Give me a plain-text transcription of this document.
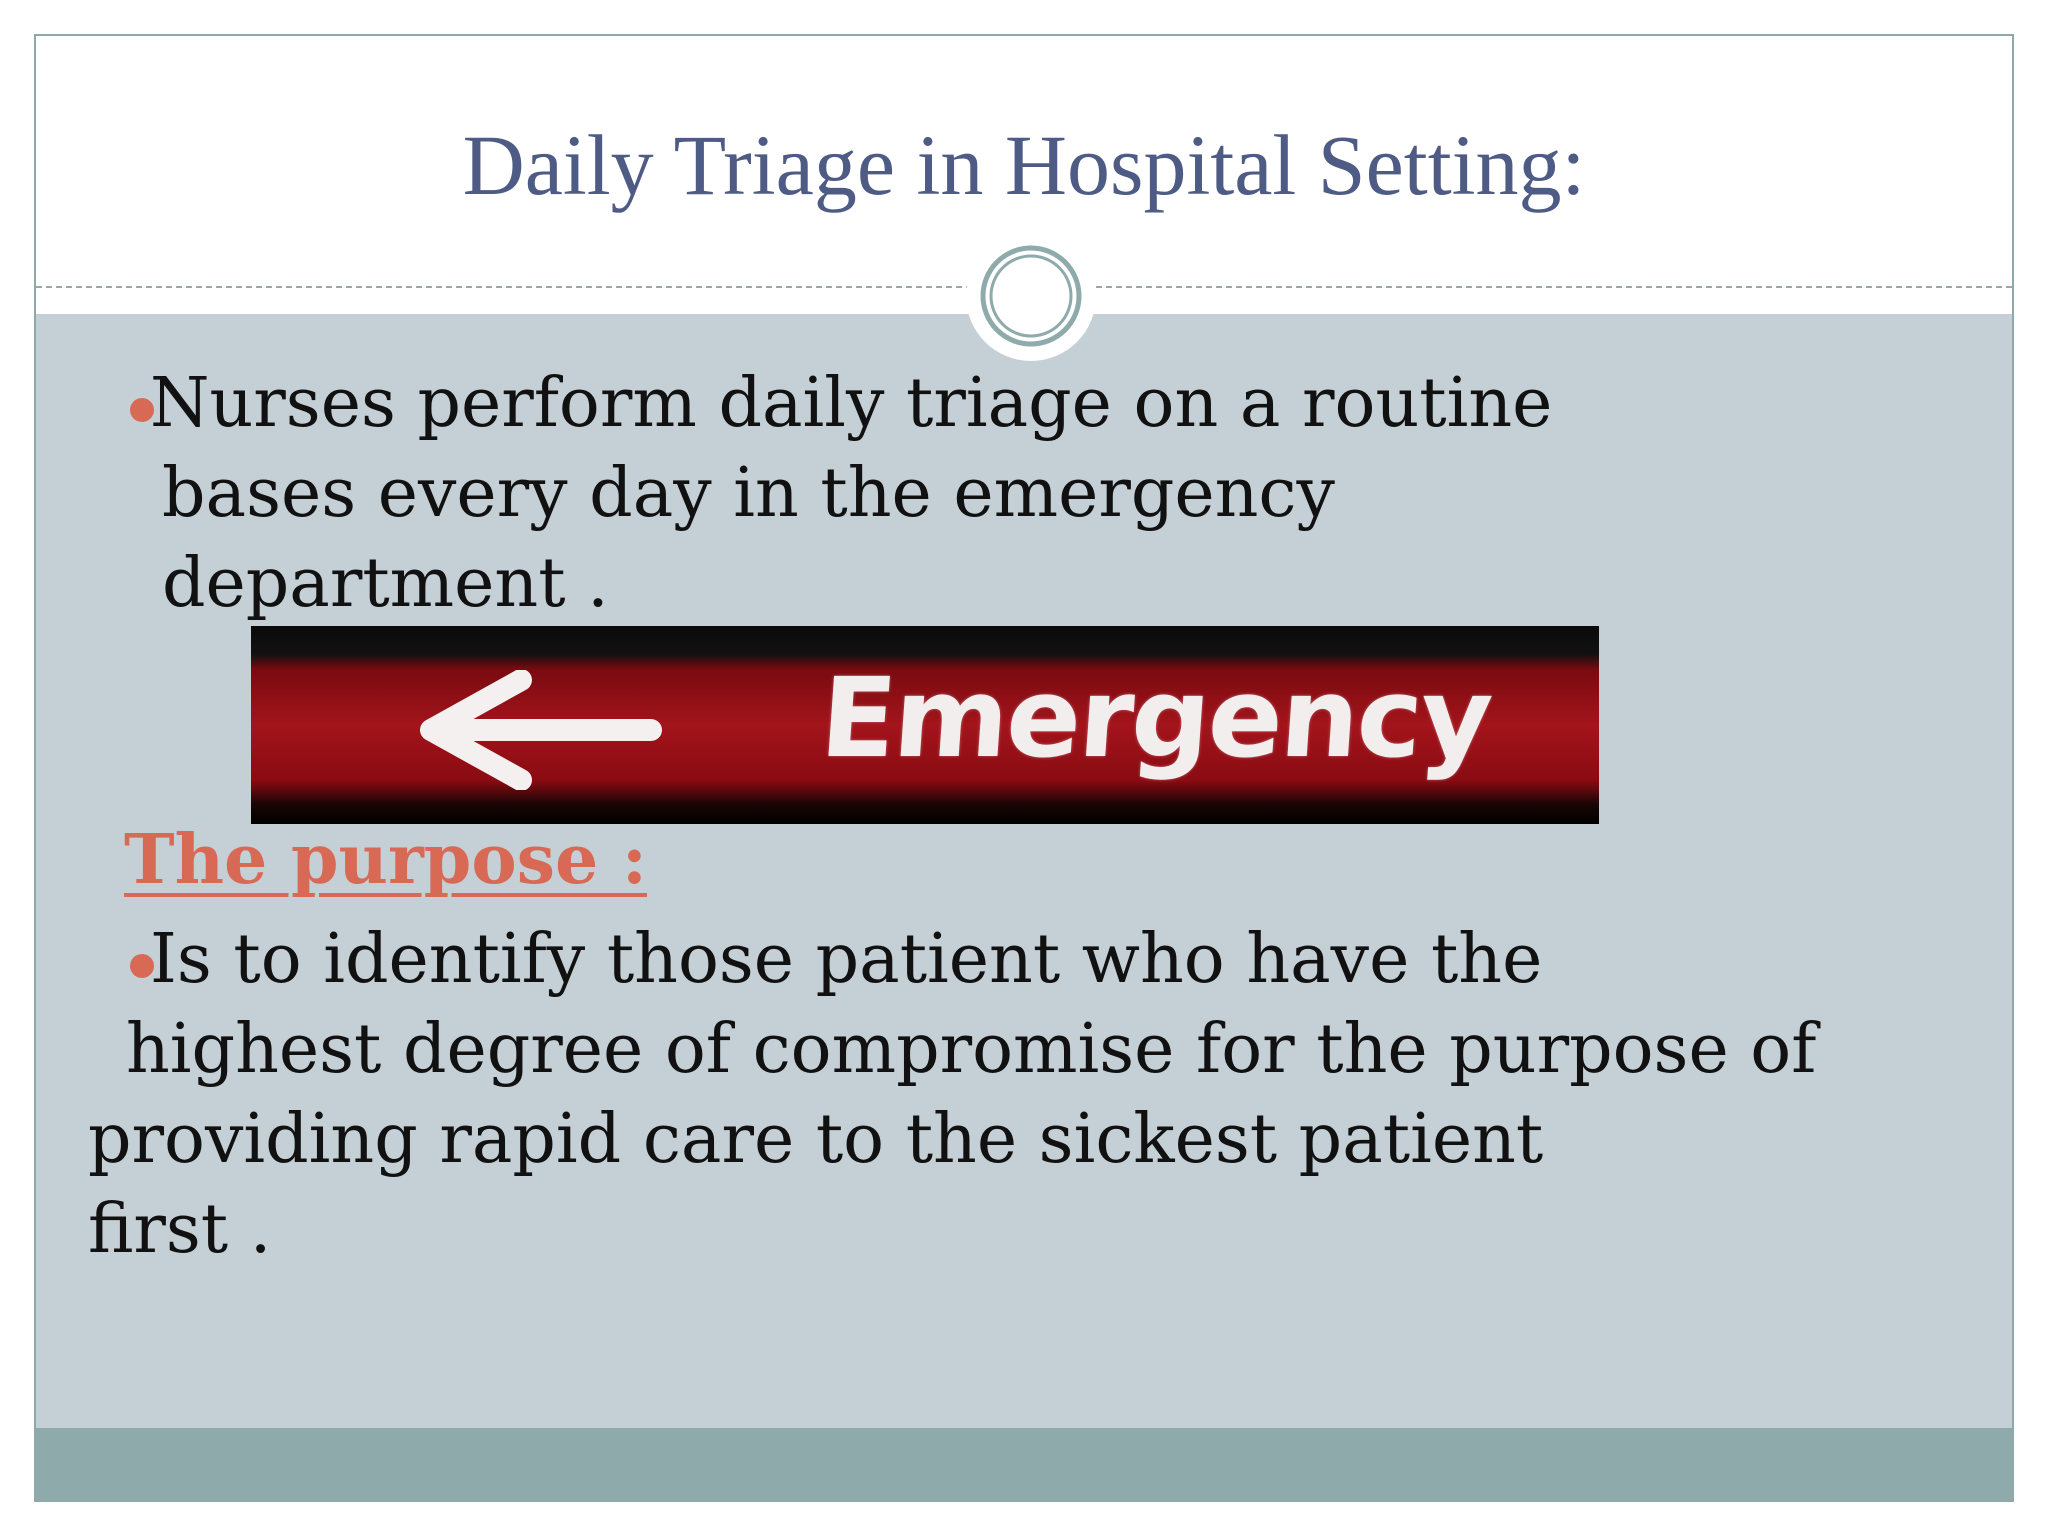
Daily Triage in Hospital Setting:
Nurses perform daily triage on a routine
bases every day in the emergency
department .
Emergency
The purpose :
Is to identify those patient who have the
highest degree of compromise for the purpose of
providing rapid care to the sickest patient
first .
